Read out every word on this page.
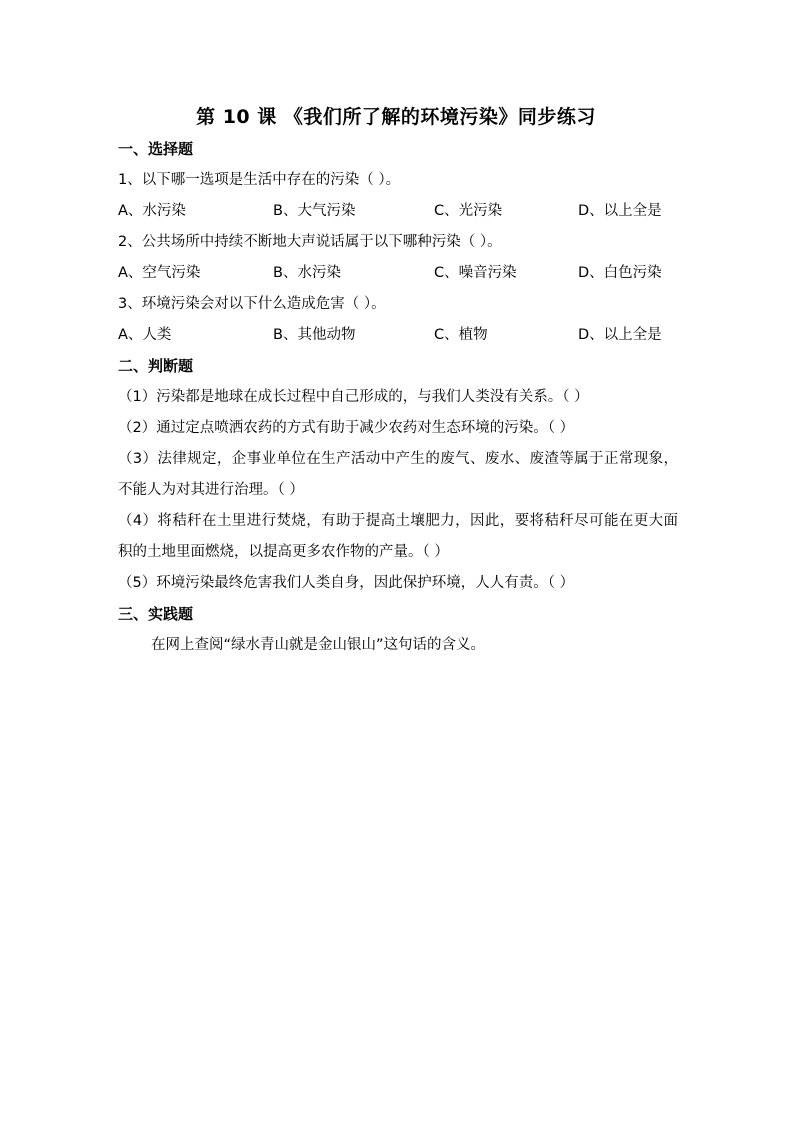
第 10 课 《我们所了解的环境污染》同步练习
一、选择题
1、以下哪一选项是生活中存在的污染（ ）。
A、水污染	B、大气污染	C、光污染	D、以上全是
2、公共场所中持续不断地大声说话属于以下哪种污染（ ）。
A、空气污染	B、水污染	C、噪音污染	D、白色污染
3、环境污染会对以下什么造成危害（ ）。
A、人类	B、其他动物	C、植物	D、以上全是
二、判断题
（1）污染都是地球在成长过程中自己形成的，与我们人类没有关系。（ ）
（2）通过定点喷洒农药的方式有助于减少农药对生态环境的污染。（ ）
（3）法律规定，企事业单位在生产活动中产生的废气、废水、废渣等属于正常现象，不能人为对其进行治理。（ ）
（4）将秸秆在土里进行焚烧，有助于提高土壤肥力，因此，要将秸秆尽可能在更大面积的土地里面燃烧，以提高更多农作物的产量。（ ）
（5）环境污染最终危害我们人类自身，因此保护环境，人人有责。（ ）
三、实践题
在网上查阅“绿水青山就是金山银山”这句话的含义。
